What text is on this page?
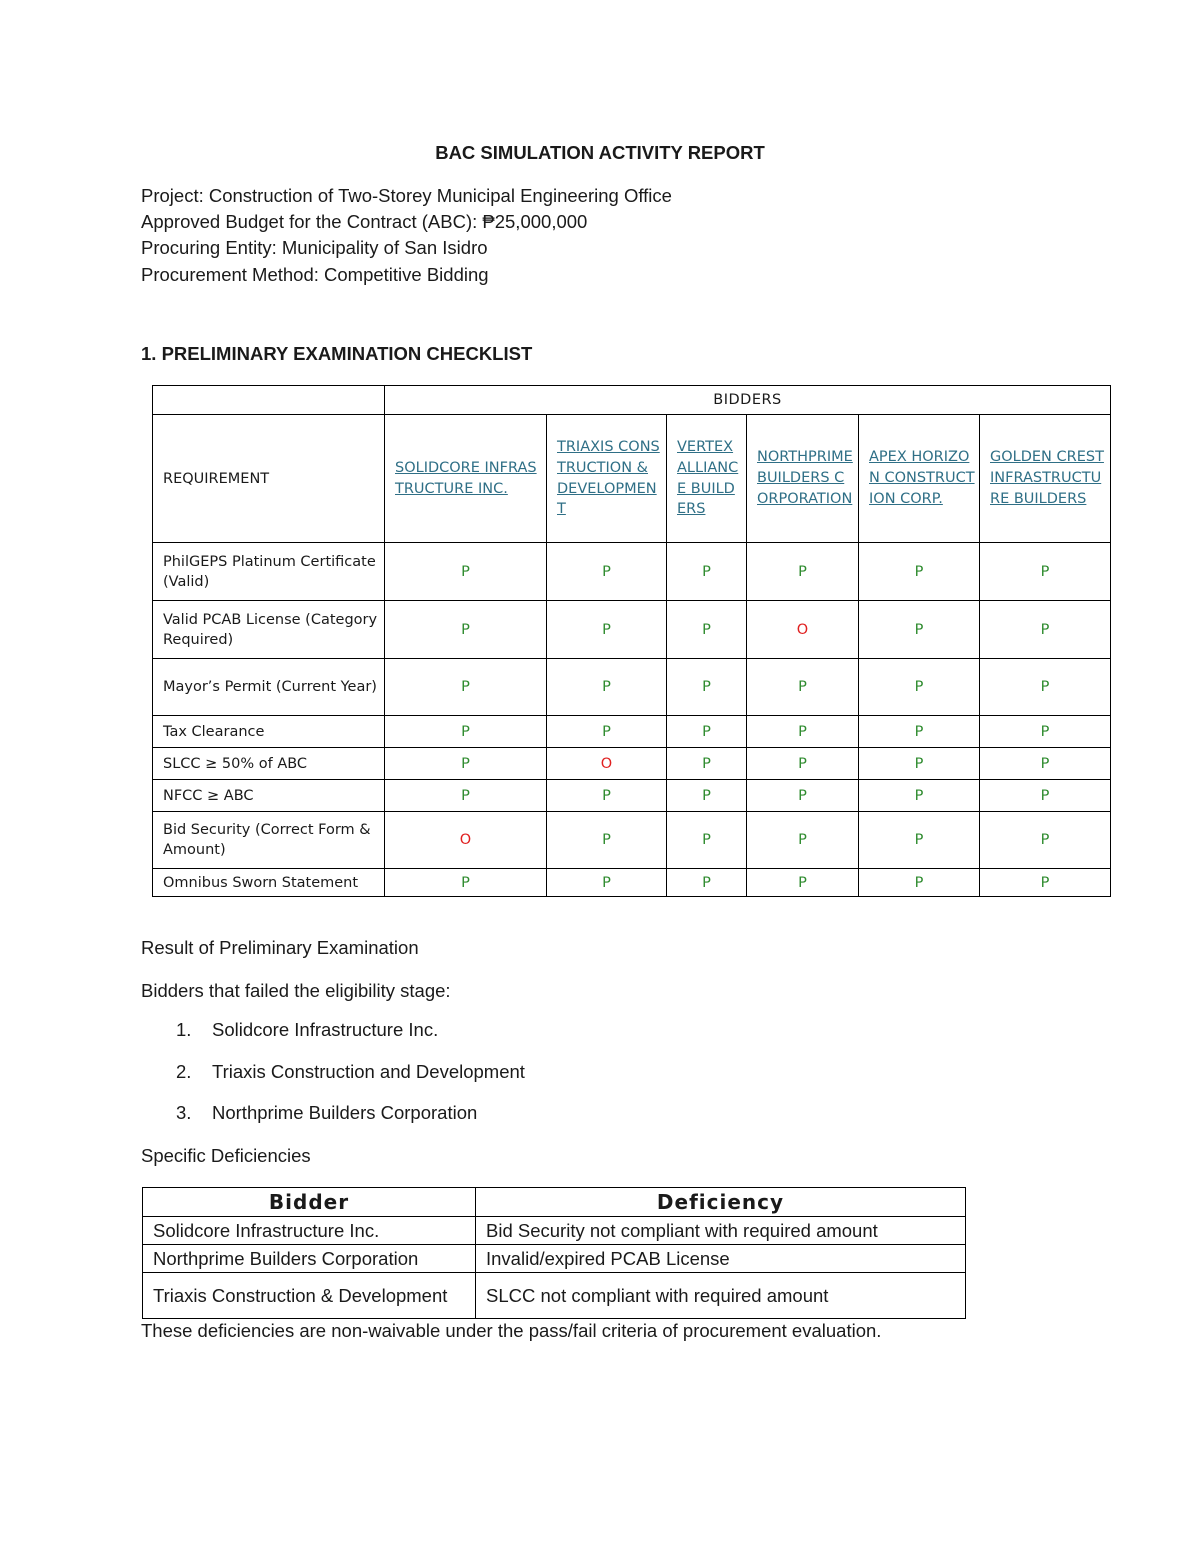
BAC SIMULATION ACTIVITY REPORT
Project: Construction of Two-Storey Municipal Engineering Office
Approved Budget for the Contract (ABC): ₱25,000,000
Procuring Entity: Municipality of San Isidro
Procurement Method: Competitive Bidding
1. PRELIMINARY EXAMINATION CHECKLIST
	BIDDERS					
REQUIREMENT	SOLIDCORE INFRASTRUCTURE INC.	TRIAXIS CONSTRUCTION & DEVELOPMENT	VERTEX ALLIANCE BUILDERS	NORTHPRIME BUILDERS CORPORATION	APEX HORIZON CONSTRUCTION CORP.	GOLDEN CREST INFRASTRUCTURE BUILDERS
PhilGEPS Platinum Certificate (Valid)	P	P	P	P	P	P
Valid PCAB License (Category Required)	P	P	P	O	P	P
Mayor’s Permit (Current Year)	P	P	P	P	P	P
Tax Clearance	P	P	P	P	P	P
SLCC ≥ 50% of ABC	P	O	P	P	P	P
NFCC ≥ ABC	P	P	P	P	P	P
Bid Security (Correct Form & Amount)	O	P	P	P	P	P
Omnibus Sworn Statement	P	P	P	P	P	P
Result of Preliminary Examination
Bidders that failed the eligibility stage:
1. Solidcore Infrastructure Inc.
2. Triaxis Construction and Development
3. Northprime Builders Corporation
Specific Deficiencies
Bidder	Deficiency
Solidcore Infrastructure Inc.	Bid Security not compliant with required amount
Northprime Builders Corporation	Invalid/expired PCAB License
Triaxis Construction & Development	SLCC not compliant with required amount
These deficiencies are non-waivable under the pass/fail criteria of procurement evaluation.
